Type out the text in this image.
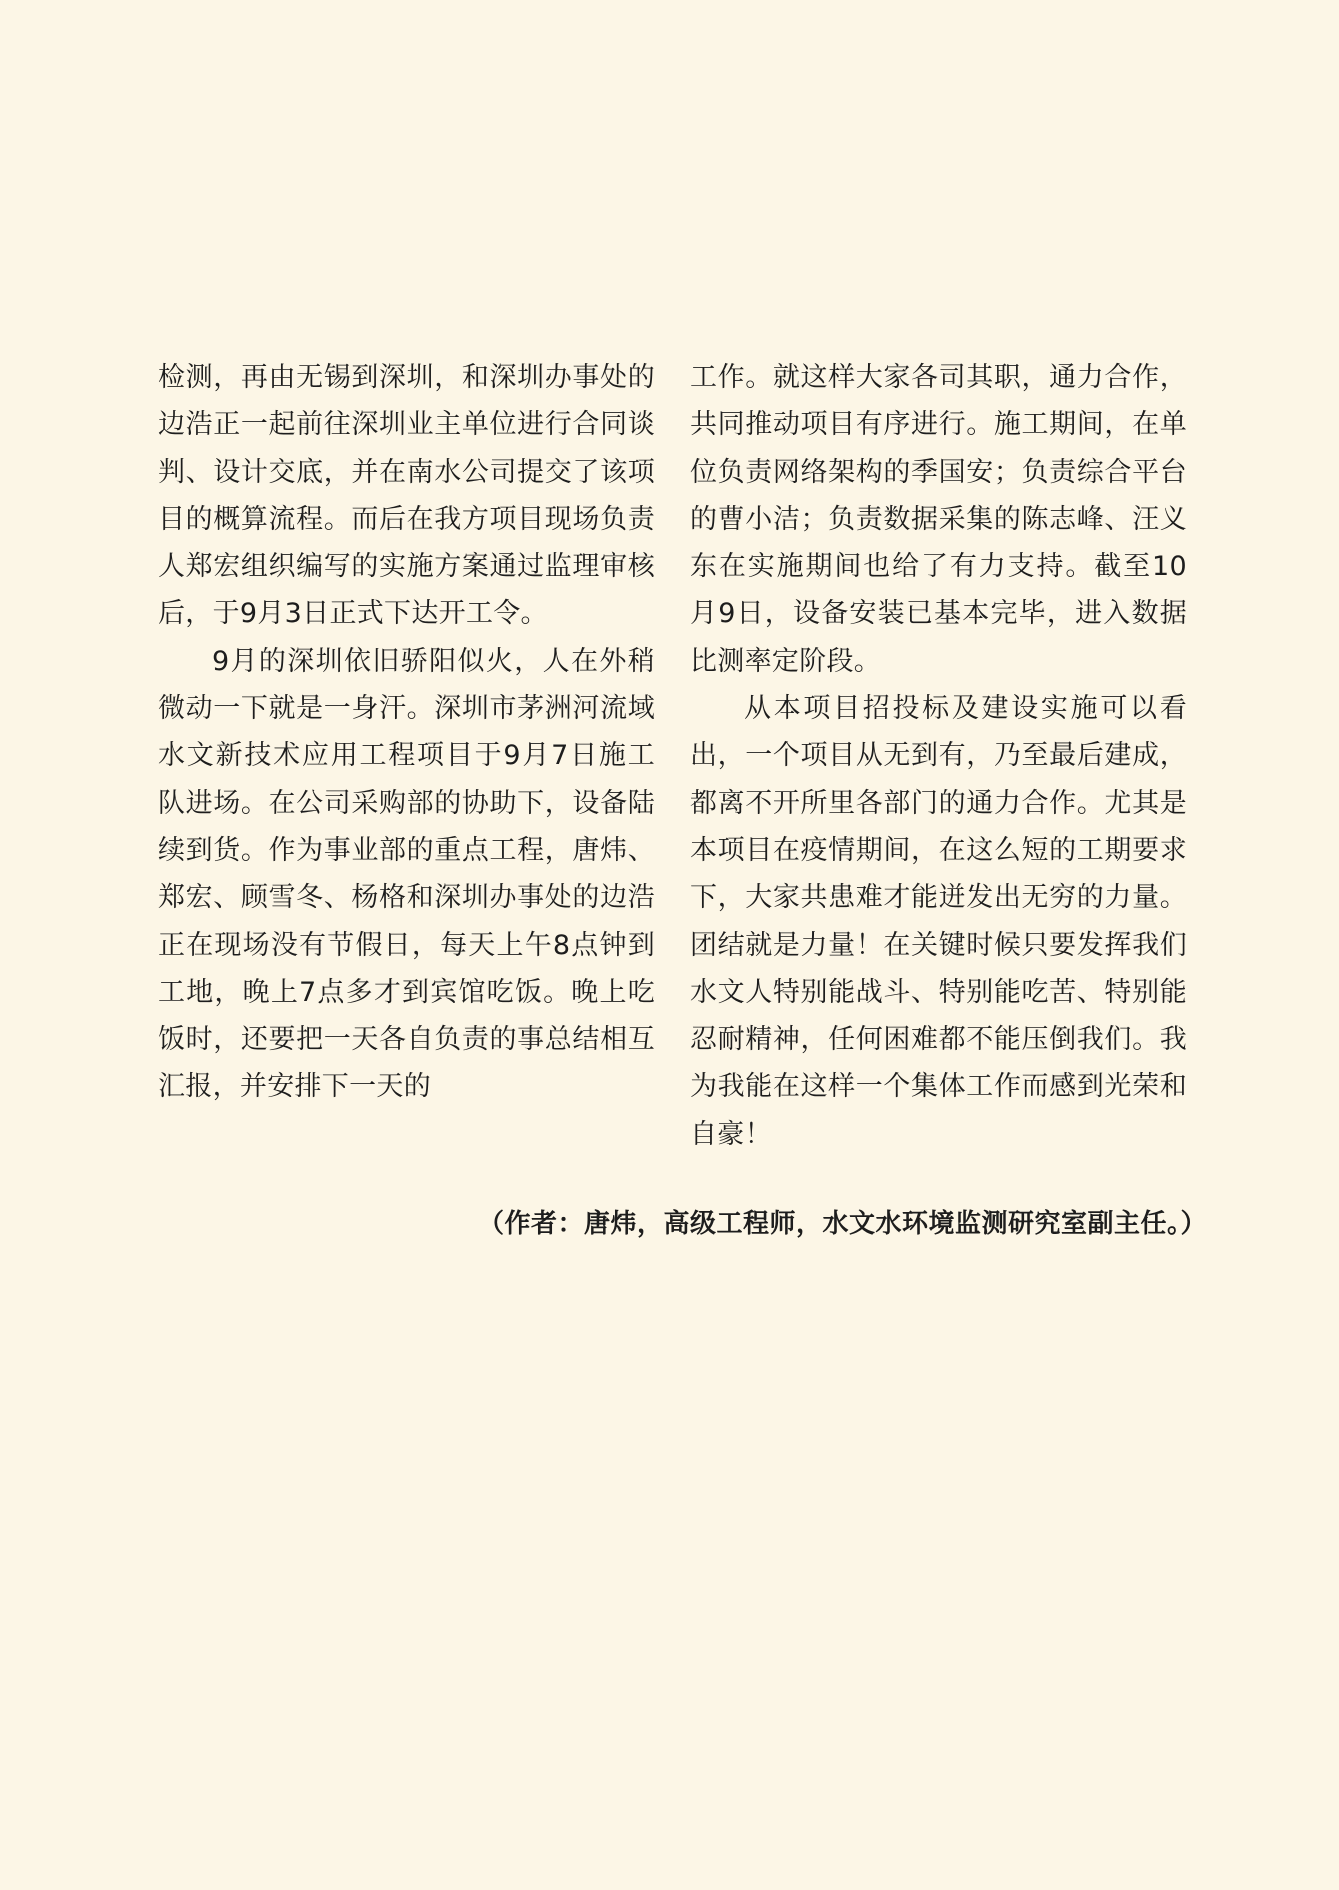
检测，再由无锡到深圳，和深圳办事处的边浩正一起前往深圳业主单位进行合同谈判、设计交底，并在南水公司提交了该项目的概算流程。而后在我方项目现场负责人郑宏组织编写的实施方案通过监理审核后，于9月3日正式下达开工令。

9月的深圳依旧骄阳似火，人在外稍微动一下就是一身汗。深圳市茅洲河流域水文新技术应用工程项目于9月7日施工队进场。在公司采购部的协助下，设备陆续到货。作为事业部的重点工程，唐炜、郑宏、顾雪冬、杨格和深圳办事处的边浩正在现场没有节假日，每天上午8点钟到工地，晚上7点多才到宾馆吃饭。晚上吃饭时，还要把一天各自负责的事总结相互汇报，并安排下一天的

工作。就这样大家各司其职，通力合作，共同推动项目有序进行。施工期间，在单位负责网络架构的季国安；负责综合平台的曹小洁；负责数据采集的陈志峰、汪义东在实施期间也给了有力支持。截至10月9日，设备安装已基本完毕，进入数据比测率定阶段。

从本项目招投标及建设实施可以看出，一个项目从无到有，乃至最后建成，都离不开所里各部门的通力合作。尤其是本项目在疫情期间，在这么短的工期要求下，大家共患难才能迸发出无穷的力量。团结就是力量！在关键时候只要发挥我们水文人特别能战斗、特别能吃苦、特别能忍耐精神，任何困难都不能压倒我们。我为我能在这样一个集体工作而感到光荣和自豪！

（作者：唐炜，高级工程师，水文水环境监测研究室副主任。）
